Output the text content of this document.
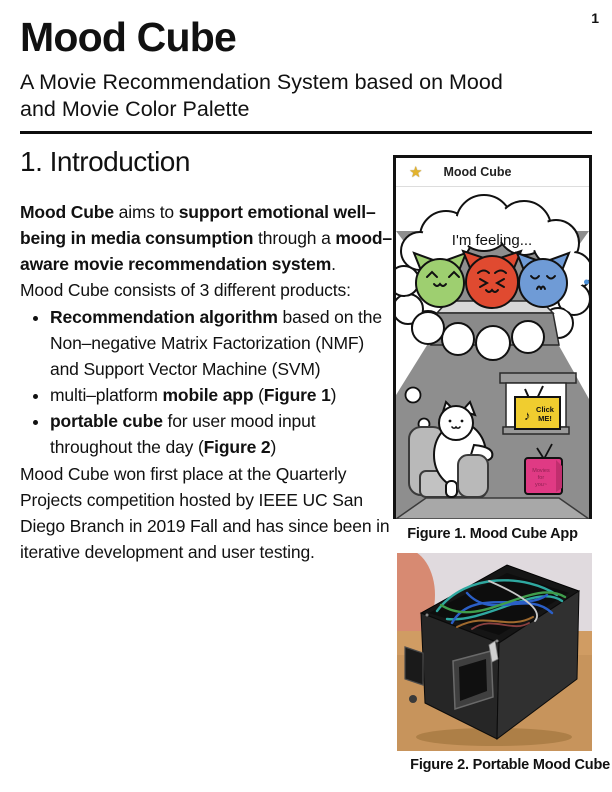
1
Mood Cube
A Movie Recommendation System based on Mood
and Movie Color Palette
1. Introduction

Mood Cube aims to support emotional well–being in media consumption through a mood–aware movie recommendation system.

Mood Cube consists of 3 different products:

• Recommendation algorithm based on the Non–negative Matrix Factorization (NMF) and Support Vector Machine (SVM)
• multi–platform mobile app (Figure 1)
• portable cube for user mood input throughout the day (Figure 2)

Mood Cube won first place at the Quarterly Projects competition hosted by IEEE UC San Diego Branch in 2019 Fall and has since been in iterative development and user testing.

★ Mood Cube
I'm feeling...
♪ Click
ME!
Movies
for
you~
Figure 1. Mood Cube App
Figure 2. Portable Mood Cube
